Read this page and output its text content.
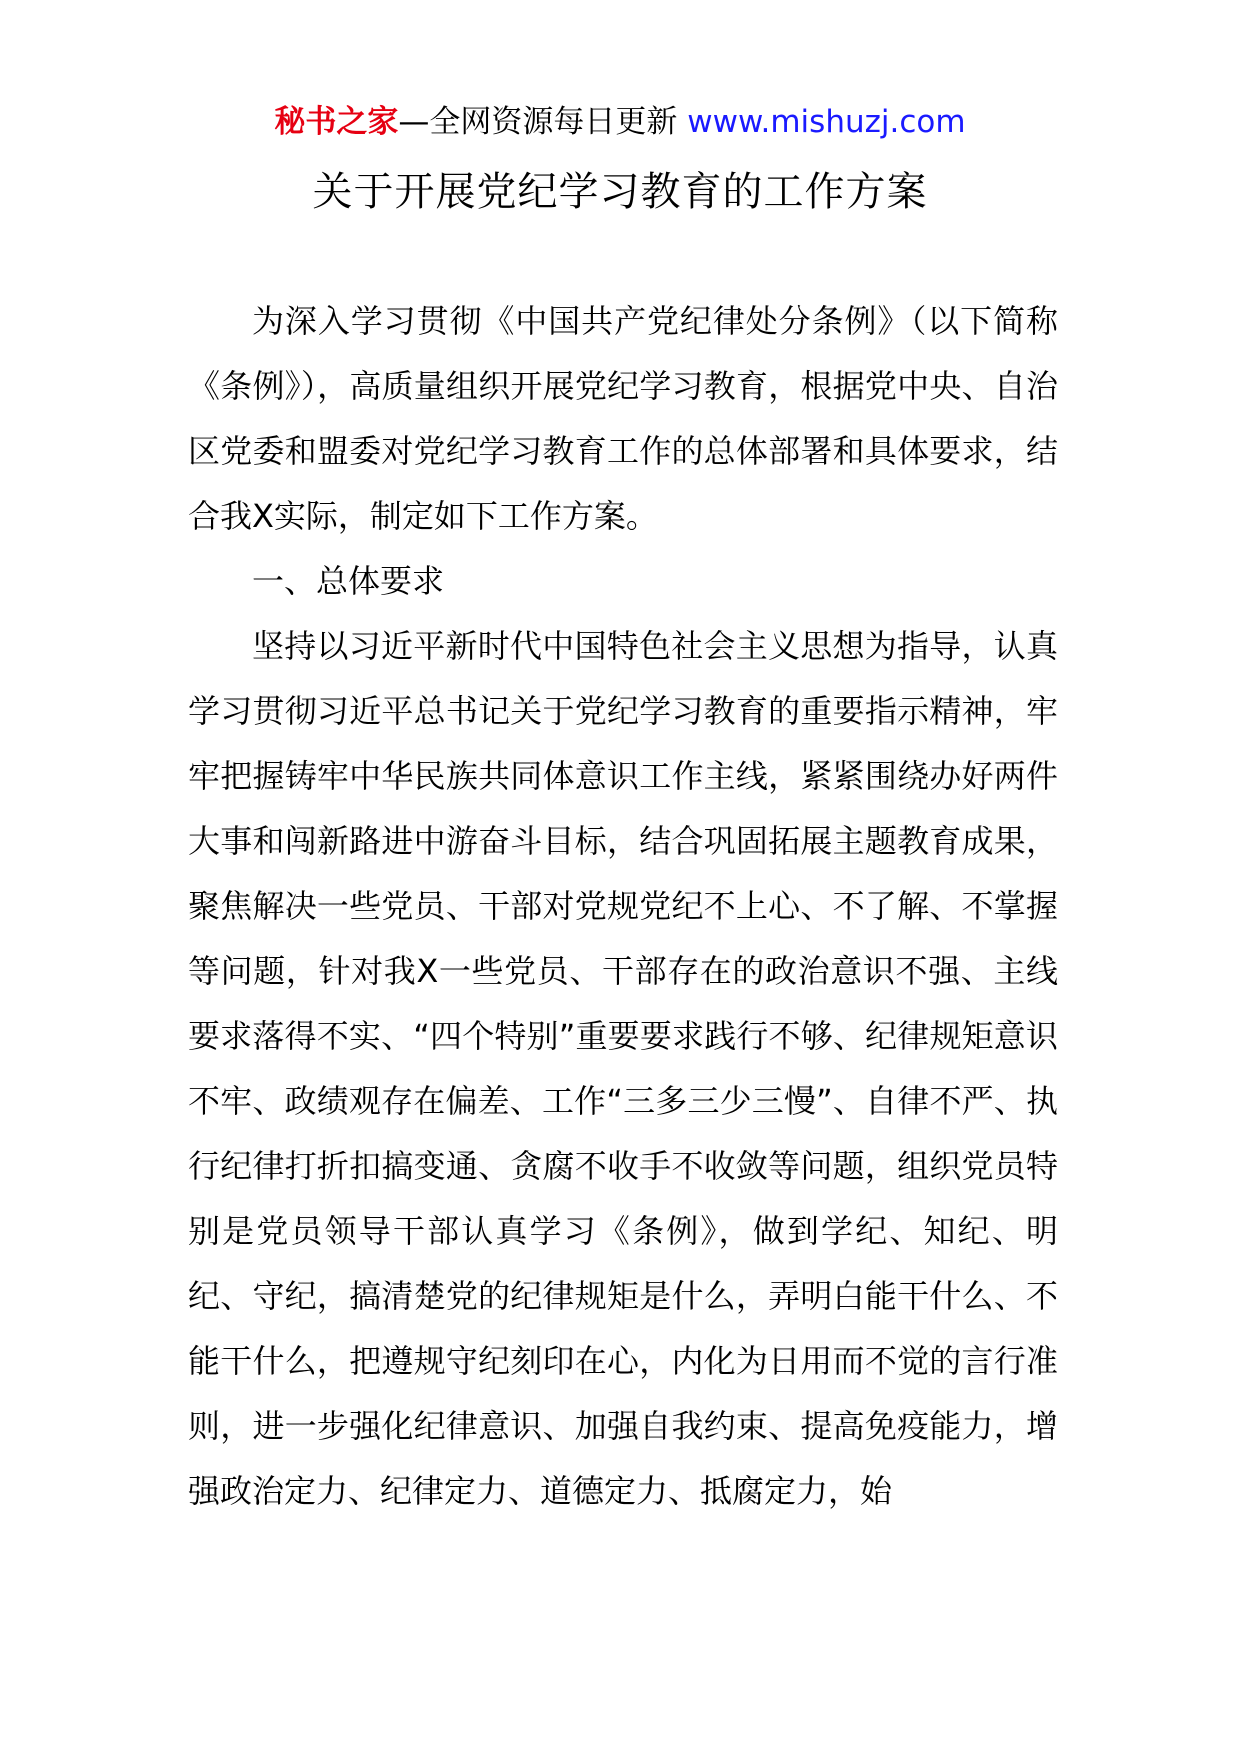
秘书之家—全网资源每日更新 www.mishuzj.com
关于开展党纪学习教育的工作方案

为深入学习贯彻《中国共产党纪律处分条例》（以下简称《条例》），高质量组织开展党纪学习教育，根据党中央、自治区党委和盟委对党纪学习教育工作的总体部署和具体要求，结合我X实际，制定如下工作方案。

一、总体要求

坚持以习近平新时代中国特色社会主义思想为指导，认真学习贯彻习近平总书记关于党纪学习教育的重要指示精神，牢牢把握铸牢中华民族共同体意识工作主线，紧紧围绕办好两件大事和闯新路进中游奋斗目标，结合巩固拓展主题教育成果，聚焦解决一些党员、干部对党规党纪不上心、不了解、不掌握等问题，针对我X一些党员、干部存在的政治意识不强、主线要求落得不实、“四个特别”重要要求践行不够、纪律规矩意识不牢、政绩观存在偏差、工作“三多三少三慢”、自律不严、执行纪律打折扣搞变通、贪腐不收手不收敛等问题，组织党员特别是党员领导干部认真学习《条例》，做到学纪、知纪、明纪、守纪，搞清楚党的纪律规矩是什么，弄明白能干什么、不能干什么，把遵规守纪刻印在心，内化为日用而不觉的言行准则，进一步强化纪律意识、加强自我约束、提高免疫能力，增强政治定力、纪律定力、道德定力、抵腐定力，始
